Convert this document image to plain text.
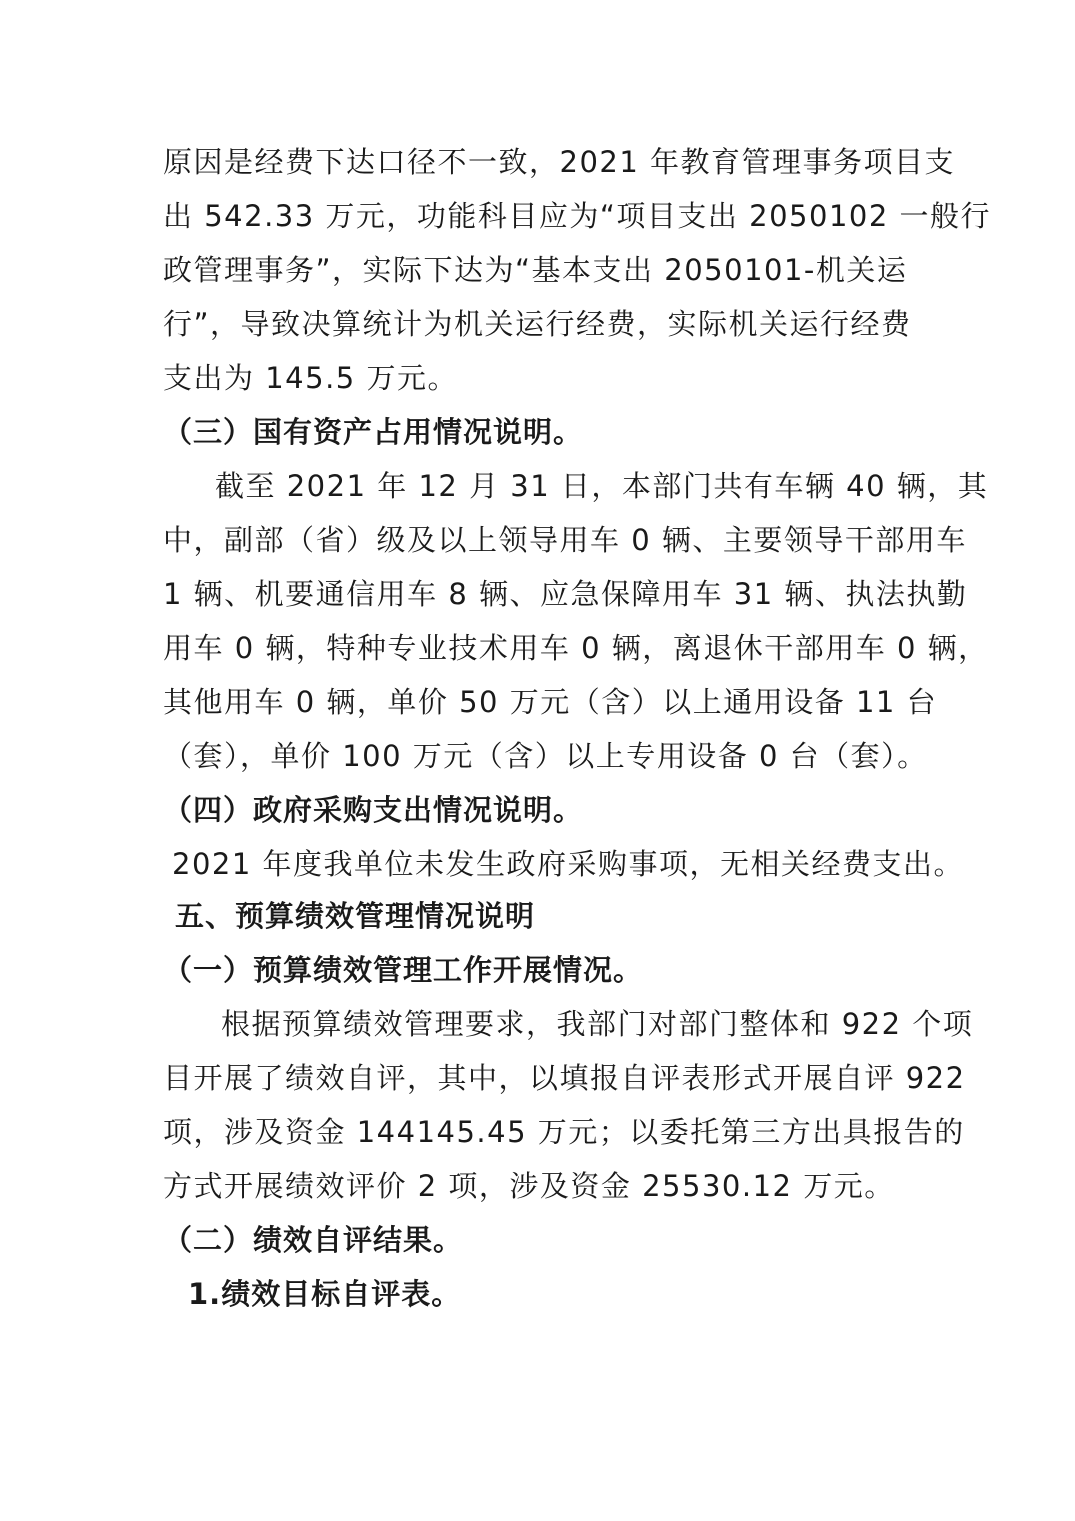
原因是经费下达口径不一致，2021 年教育管理事务项目支
出 542.33 万元，功能科目应为“项目支出 2050102 一般行
政管理事务”，实际下达为“基本支出 2050101-机关运
行”，导致决算统计为机关运行经费，实际机关运行经费
支出为 145.5 万元。
（三）国有资产占用情况说明。
截至 2021 年 12 月 31 日，本部门共有车辆 40 辆，其
中，副部（省）级及以上领导用车 0 辆、主要领导干部用车
1 辆、机要通信用车 8 辆、应急保障用车 31 辆、执法执勤
用车 0 辆，特种专业技术用车 0 辆，离退休干部用车 0 辆，
其他用车 0 辆，单价 50 万元（含）以上通用设备 11 台
（套），单价 100 万元（含）以上专用设备 0 台（套）。
（四）政府采购支出情况说明。
2021 年度我单位未发生政府采购事项，无相关经费支出。
五、预算绩效管理情况说明
（一）预算绩效管理工作开展情况。
根据预算绩效管理要求，我部门对部门整体和 922 个项
目开展了绩效自评，其中，以填报自评表形式开展自评 922
项，涉及资金 144145.45 万元；以委托第三方出具报告的
方式开展绩效评价 2 项，涉及资金 25530.12 万元。
（二）绩效自评结果。
1.绩效目标自评表。
